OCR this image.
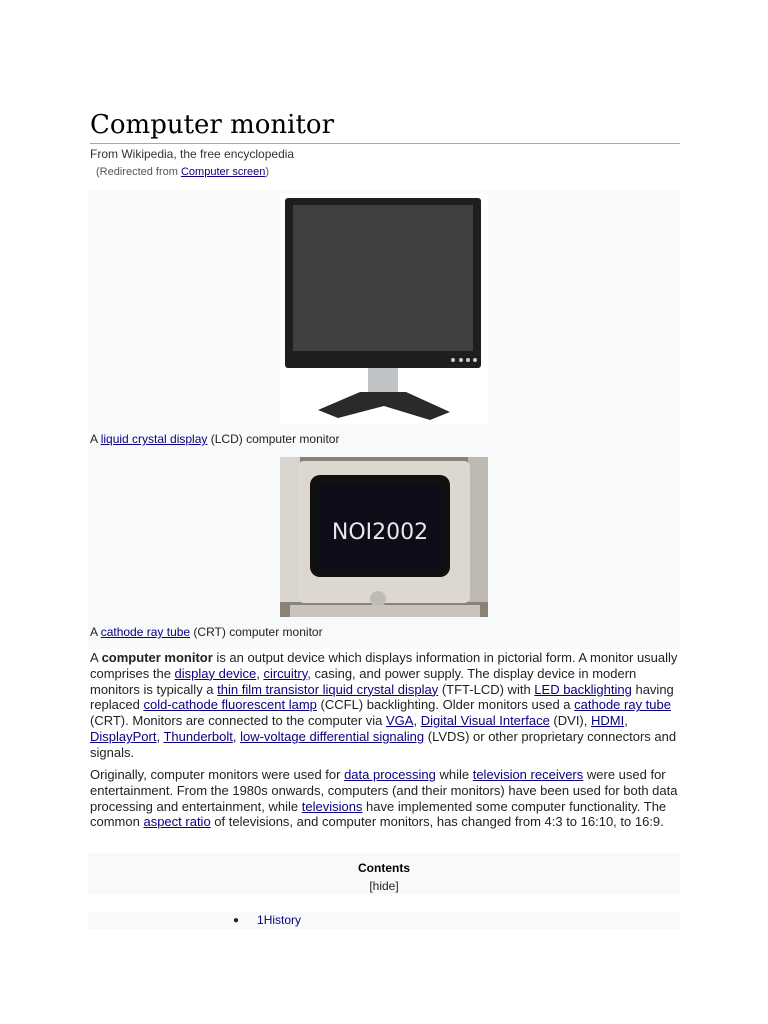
Computer monitor
From Wikipedia, the free encyclopedia
(Redirected from Computer screen)
A liquid crystal display (LCD) computer monitor
NOI2002
A cathode ray tube (CRT) computer monitor

A computer monitor is an output device which displays information in pictorial form. A monitor usually comprises the display device, circuitry, casing, and power supply. The display device in modern monitors is typically a thin film transistor liquid crystal display (TFT-LCD) with LED backlighting having replaced cold-cathode fluorescent lamp (CCFL) backlighting. Older monitors used a cathode ray tube (CRT). Monitors are connected to the computer via VGA, Digital Visual Interface (DVI), HDMI, DisplayPort, Thunderbolt, low-voltage differential signaling (LVDS) or other proprietary connectors and signals.

Originally, computer monitors were used for data processing while television receivers were used for entertainment. From the 1980s onwards, computers (and their monitors) have been used for both data processing and entertainment, while televisions have implemented some computer functionality. The common aspect ratio of televisions, and computer monitors, has changed from 4:3 to 16:10, to 16:9.

Contents
[hide]
● 1History
